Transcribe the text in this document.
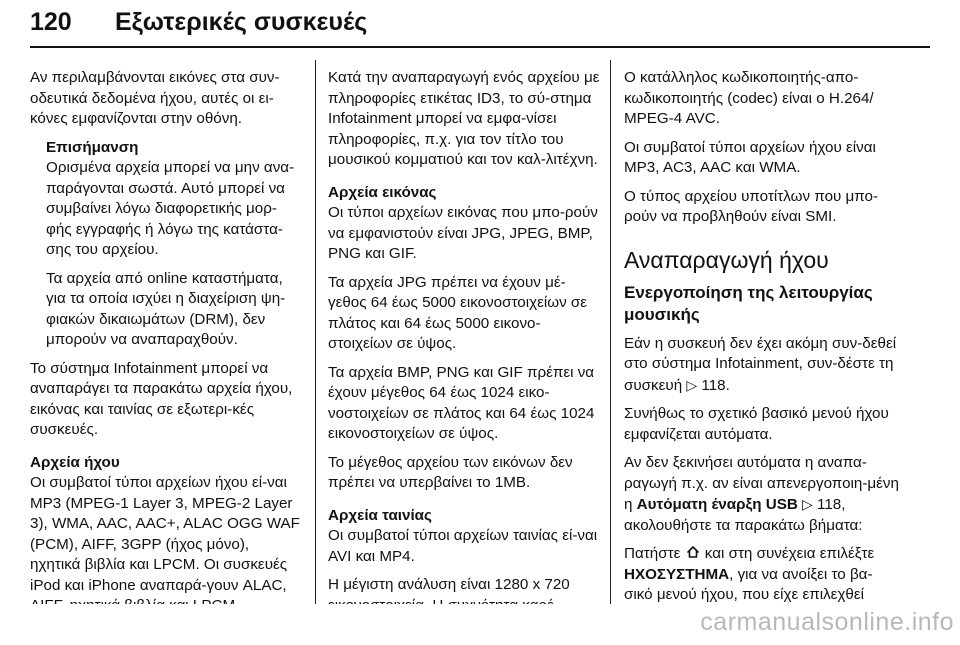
120 Εξωτερικές συσκευές

Αν περιλαμβάνονται εικόνες στα συν-οδευτικά δεδομένα ήχου, αυτές οι ει-κόνες εμφανίζονται στην οθόνη.

Επισήμανση

Ορισμένα αρχεία μπορεί να μην ανα-παράγονται σωστά. Αυτό μπορεί να συμβαίνει λόγω διαφορετικής μορ-φής εγγραφής ή λόγω της κατάστα-σης του αρχείου.

Τα αρχεία από online καταστήματα, για τα οποία ισχύει η διαχείριση ψη-φιακών δικαιωμάτων (DRM), δεν μπορούν να αναπαραχθούν.

Το σύστημα Infotainment μπορεί να αναπαράγει τα παρακάτω αρχεία ήχου, εικόνας και ταινίας σε εξωτερι-κές συσκευές.

Αρχεία ήχου

Οι συμβατοί τύποι αρχείων ήχου εί-ναι MP3 (MPEG-1 Layer 3, MPEG-2 Layer 3), WMA, AAC, AAC+, ALAC OGG WAF (PCM), AIFF, 3GPP (ήχος μόνο), ηχητικά βιβλία και LPCM. Οι συσκευές iPod και iPhone αναπαρά-γουν ALAC,

Κατά την αναπαραγωγή ενός αρχείου με πληροφορίες ετικέτας ID3, το σύ-στημα Infotainment μπορεί να εμφα-νίσει πληροφορίες, π.χ. για τον τίτλο του μουσικού κομματιού και τον καλ-λιτέχνη.

Αρχεία εικόνας

Οι τύποι αρχείων εικόνας που μπο-ρούν να εμφανιστούν είναι JPG, JPEG, BMP, PNG και GIF.

Τα αρχεία JPG πρέπει να έχουν μέ-γεθος 64 έως 5000 εικονοστοιχείων σε πλάτος και 64 έως 5000 εικονο-στοιχείων σε ύψος.

Τα αρχεία BMP, PNG και GIF πρέπει να έχουν μέγεθος 64 έως 1024 εικο-νοστοιχείων σε πλάτος και 64 έως 1024 εικονοστοιχείων σε ύψος.

Το μέγεθος αρχείου των εικόνων δεν πρέπει να υπερβαίνει το 1MB.

Αρχεία ταινίας

Οι συμβατοί τύποι αρχείων ταινίας εί-ναι AVI και MP4.

Η μέγιστη ανάλυση είναι 1280 x 720

Ο κατάλληλος κωδικοποιητής-απο-κωδικοποιητής (codec) είναι ο H.264/ MPEG-4 AVC.

Οι συμβατοί τύποι αρχείων ήχου είναι MP3, AC3, AAC και WMA.

Ο τύπος αρχείου υποτίτλων που μπο-ρούν να προβληθούν είναι SMI.

Αναπαραγωγή ήχου
Ενεργοποίηση της λειτουργίας μουσικής

Εάν η συσκευή δεν έχει ακόμη συν-δεθεί στο σύστημα Infotainment, συν-δέστε τη συσκευή ▷ 118.

Συνήθως το σχετικό βασικό μενού ήχου εμφανίζεται αυτόματα.

Αν δεν ξεκινήσει αυτόματα η αναπα-ραγωγή π.χ. αν είναι απενεργοποιη-μένη η Αυτόματη έναρξη USB ▷ 118, ακολουθήστε τα παρακάτω βήματα:

Πατήστε  και στη συνέχεια επιλέξτε ΗΧΟΣΥΣΤΗΜΑ, για να ανοίξει το βα-σικό μενού ήχου, που είχε επιλεχθεί

carmanualsonline.info
